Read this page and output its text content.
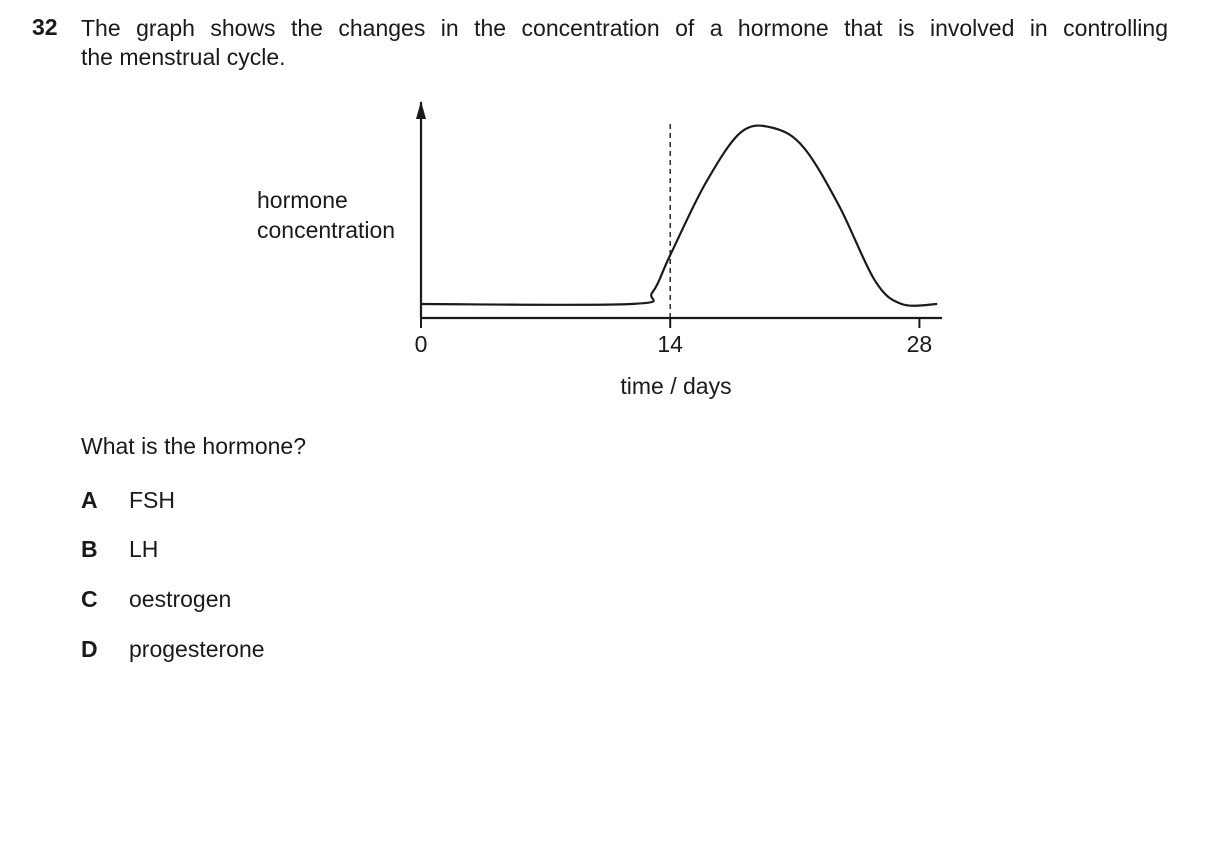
32 The graph shows the changes in the concentration of a hormone that is involved in controlling
the menstrual cycle.
0	14	28
time / days
hormone
concentration
What is the hormone?
A FSH
B LH
C oestrogen
D progesterone
